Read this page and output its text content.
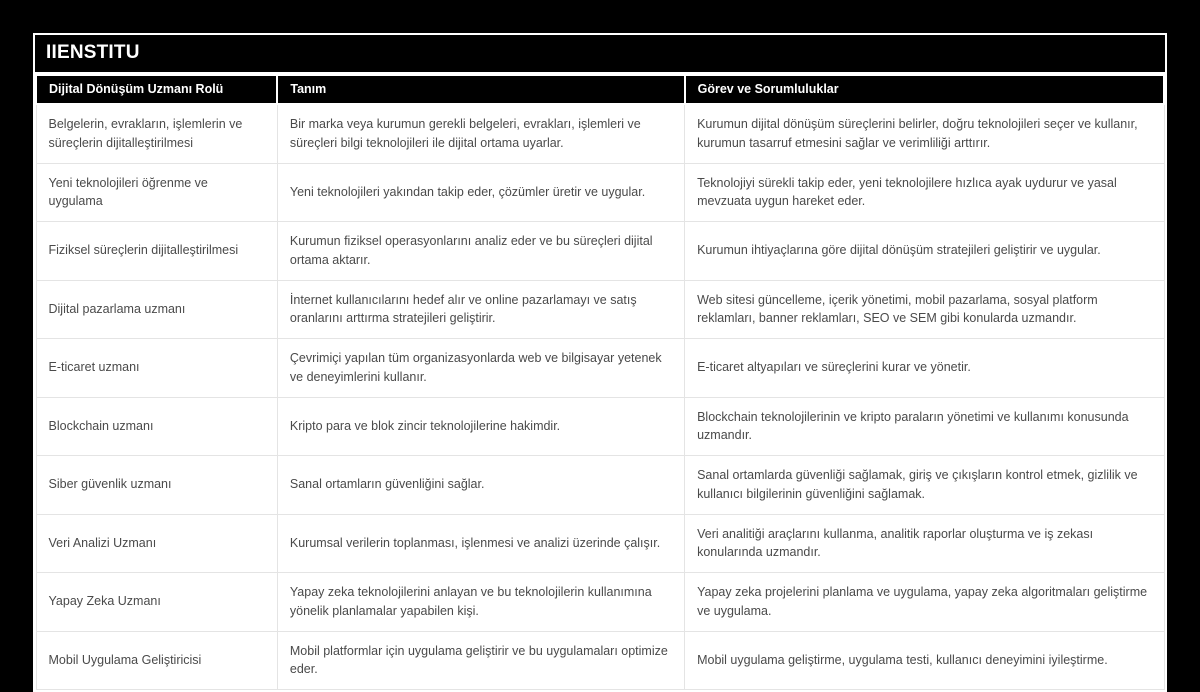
IIENSTITU
Dijital Dönüşüm Uzmanı Rolü	Tanım	Görev ve Sorumluluklar
Belgelerin, evrakların, işlemlerin ve süreçlerin dijitalleştirilmesi	Bir marka veya kurumun gerekli belgeleri, evrakları, işlemleri ve süreçleri bilgi teknolojileri ile dijital ortama uyarlar.	Kurumun dijital dönüşüm süreçlerini belirler, doğru teknolojileri seçer ve kullanır, kurumun tasarruf etmesini sağlar ve verimliliği arttırır.
Yeni teknolojileri öğrenme ve uygulama	Yeni teknolojileri yakından takip eder, çözümler üretir ve uygular.	Teknolojiyi sürekli takip eder, yeni teknolojilere hızlıca ayak uydurur ve yasal mevzuata uygun hareket eder.
Fiziksel süreçlerin dijitalleştirilmesi	Kurumun fiziksel operasyonlarını analiz eder ve bu süreçleri dijital ortama aktarır.	Kurumun ihtiyaçlarına göre dijital dönüşüm stratejileri geliştirir ve uygular.
Dijital pazarlama uzmanı	İnternet kullanıcılarını hedef alır ve online pazarlamayı ve satış oranlarını arttırma stratejileri geliştirir.	Web sitesi güncelleme, içerik yönetimi, mobil pazarlama, sosyal platform reklamları, banner reklamları, SEO ve SEM gibi konularda uzmandır.
E-ticaret uzmanı	Çevrimiçi yapılan tüm organizasyonlarda web ve bilgisayar yetenek ve deneyimlerini kullanır.	E-ticaret altyapıları ve süreçlerini kurar ve yönetir.
Blockchain uzmanı	Kripto para ve blok zincir teknolojilerine hakimdir.	Blockchain teknolojilerinin ve kripto paraların yönetimi ve kullanımı konusunda uzmandır.
Siber güvenlik uzmanı	Sanal ortamların güvenliğini sağlar.	Sanal ortamlarda güvenliği sağlamak, giriş ve çıkışların kontrol etmek, gizlilik ve kullanıcı bilgilerinin güvenliğini sağlamak.
Veri Analizi Uzmanı	Kurumsal verilerin toplanması, işlenmesi ve analizi üzerinde çalışır.	Veri analitiği araçlarını kullanma, analitik raporlar oluşturma ve iş zekası konularında uzmandır.
Yapay Zeka Uzmanı	Yapay zeka teknolojilerini anlayan ve bu teknolojilerin kullanımına yönelik planlamalar yapabilen kişi.	Yapay zeka projelerini planlama ve uygulama, yapay zeka algoritmaları geliştirme ve uygulama.
Mobil Uygulama Geliştiricisi	Mobil platformlar için uygulama geliştirir ve bu uygulamaları optimize eder.	Mobil uygulama geliştirme, uygulama testi, kullanıcı deneyimini iyileştirme.
